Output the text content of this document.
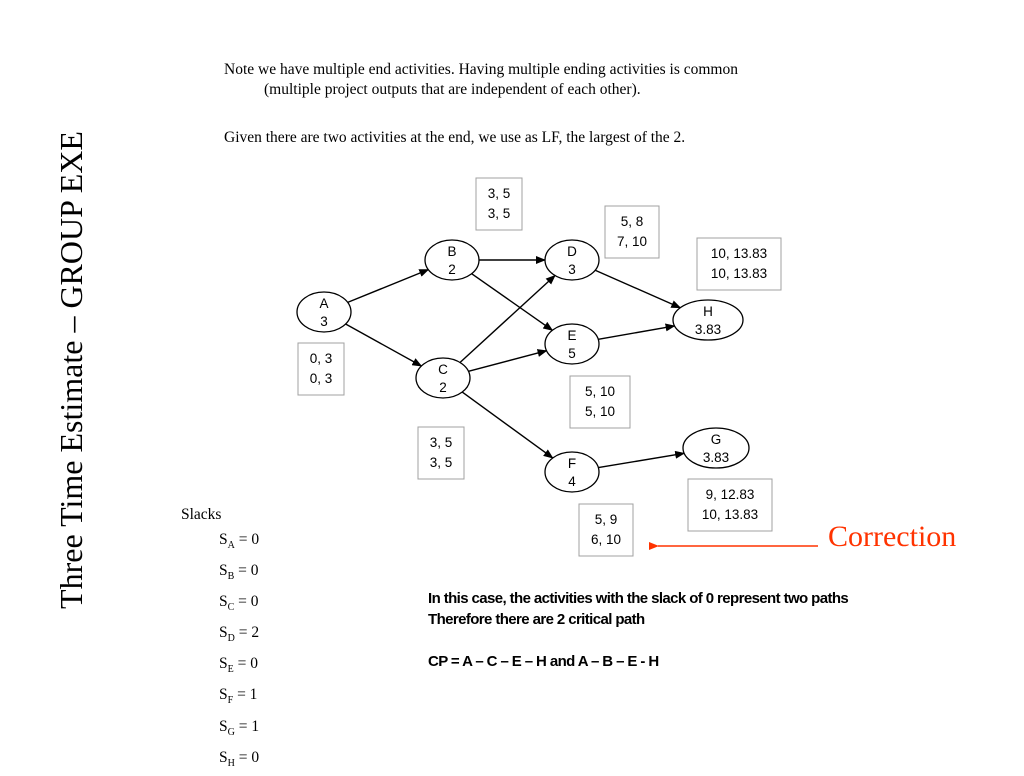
Three Time Estimate – GROUP EXE
Note we have multiple end activities. Having multiple ending activities is common
(multiple project outputs that are independent of each other).
Given there are two activities at the end, we use as LF, the largest of the 2.
0, 3
0, 3
3, 5
3, 5
3, 5
3, 5
5, 8
7, 10
5, 10
5, 10
5, 9
6, 10
9, 12.83
10, 13.83
10, 13.83
10, 13.83
A
3
B
2
C
2
D
3
E
5
F
4
G
3.83
H
3.83
Slacks
$S_A = 0$
$S_B = 0$
$S_C = 0$
$S_D = 2$
$S_E = 0$
$S_F = 1$
$S_G = 1$
$S_H = 0$
In this case, the activities with the slack of 0 represent two paths
Therefore there are 2 critical path
CP = A – C – E – H and A – B – E - H
Correction
